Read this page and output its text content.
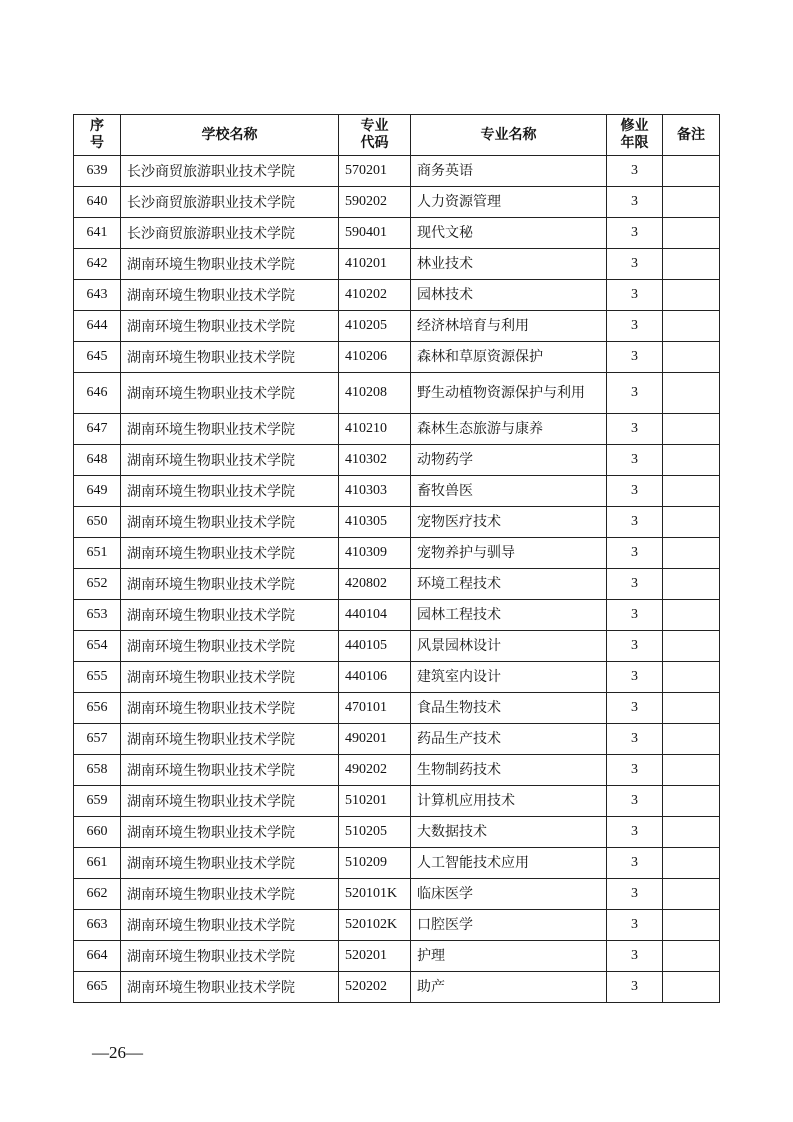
序号	学校名称	专业代码	专业名称	修业年限	备注
639	长沙商贸旅游职业技术学院	570201	商务英语	3	
640	长沙商贸旅游职业技术学院	590202	人力资源管理	3	
641	长沙商贸旅游职业技术学院	590401	现代文秘	3	
642	湖南环境生物职业技术学院	410201	林业技术	3	
643	湖南环境生物职业技术学院	410202	园林技术	3	
644	湖南环境生物职业技术学院	410205	经济林培育与利用	3	
645	湖南环境生物职业技术学院	410206	森林和草原资源保护	3	
646	湖南环境生物职业技术学院	410208	野生动植物资源保护与利用	3	
647	湖南环境生物职业技术学院	410210	森林生态旅游与康养	3	
648	湖南环境生物职业技术学院	410302	动物药学	3	
649	湖南环境生物职业技术学院	410303	畜牧兽医	3	
650	湖南环境生物职业技术学院	410305	宠物医疗技术	3	
651	湖南环境生物职业技术学院	410309	宠物养护与驯导	3	
652	湖南环境生物职业技术学院	420802	环境工程技术	3	
653	湖南环境生物职业技术学院	440104	园林工程技术	3	
654	湖南环境生物职业技术学院	440105	风景园林设计	3	
655	湖南环境生物职业技术学院	440106	建筑室内设计	3	
656	湖南环境生物职业技术学院	470101	食品生物技术	3	
657	湖南环境生物职业技术学院	490201	药品生产技术	3	
658	湖南环境生物职业技术学院	490202	生物制药技术	3	
659	湖南环境生物职业技术学院	510201	计算机应用技术	3	
660	湖南环境生物职业技术学院	510205	大数据技术	3	
661	湖南环境生物职业技术学院	510209	人工智能技术应用	3	
662	湖南环境生物职业技术学院	520101K	临床医学	3	
663	湖南环境生物职业技术学院	520102K	口腔医学	3	
664	湖南环境生物职业技术学院	520201	护理	3	
665	湖南环境生物职业技术学院	520202	助产	3	
—26—
